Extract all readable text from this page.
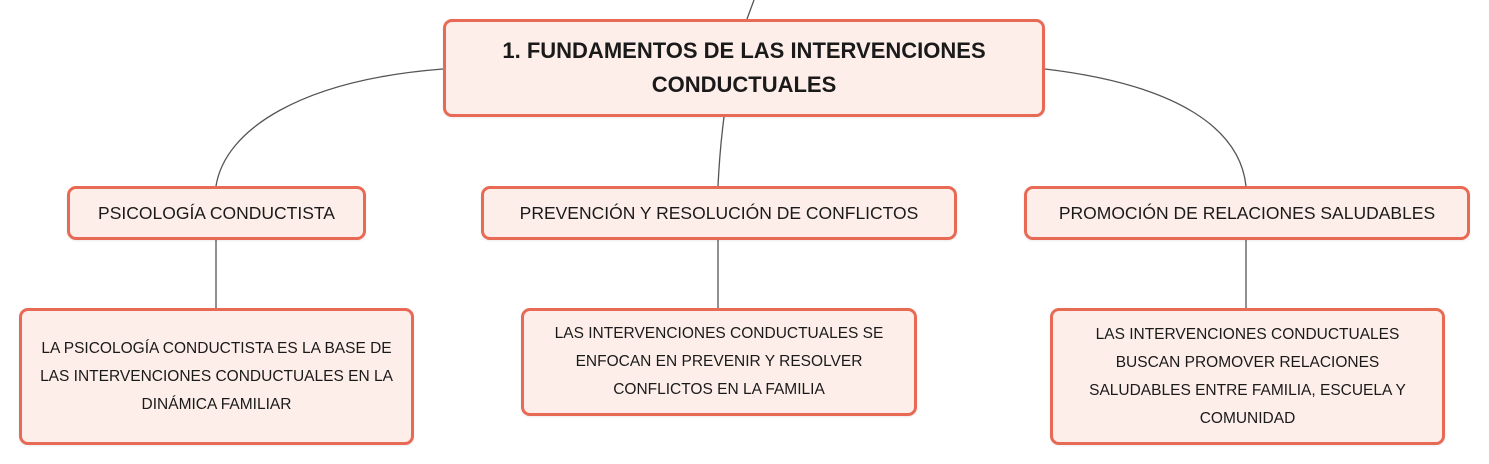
1. FUNDAMENTOS DE LAS INTERVENCIONES
CONDUCTUALES
PSICOLOGÍA CONDUCTISTA	PREVENCIÓN Y RESOLUCIÓN DE CONFLICTOS	PROMOCIÓN DE RELACIONES SALUDABLES
LA PSICOLOGÍA CONDUCTISTA ES LA BASE DE
LAS INTERVENCIONES CONDUCTUALES EN LA
DINÁMICA FAMILIAR
LAS INTERVENCIONES CONDUCTUALES SE
ENFOCAN EN PREVENIR Y RESOLVER
CONFLICTOS EN LA FAMILIA
LAS INTERVENCIONES CONDUCTUALES
BUSCAN PROMOVER RELACIONES
SALUDABLES ENTRE FAMILIA, ESCUELA Y
COMUNIDAD
